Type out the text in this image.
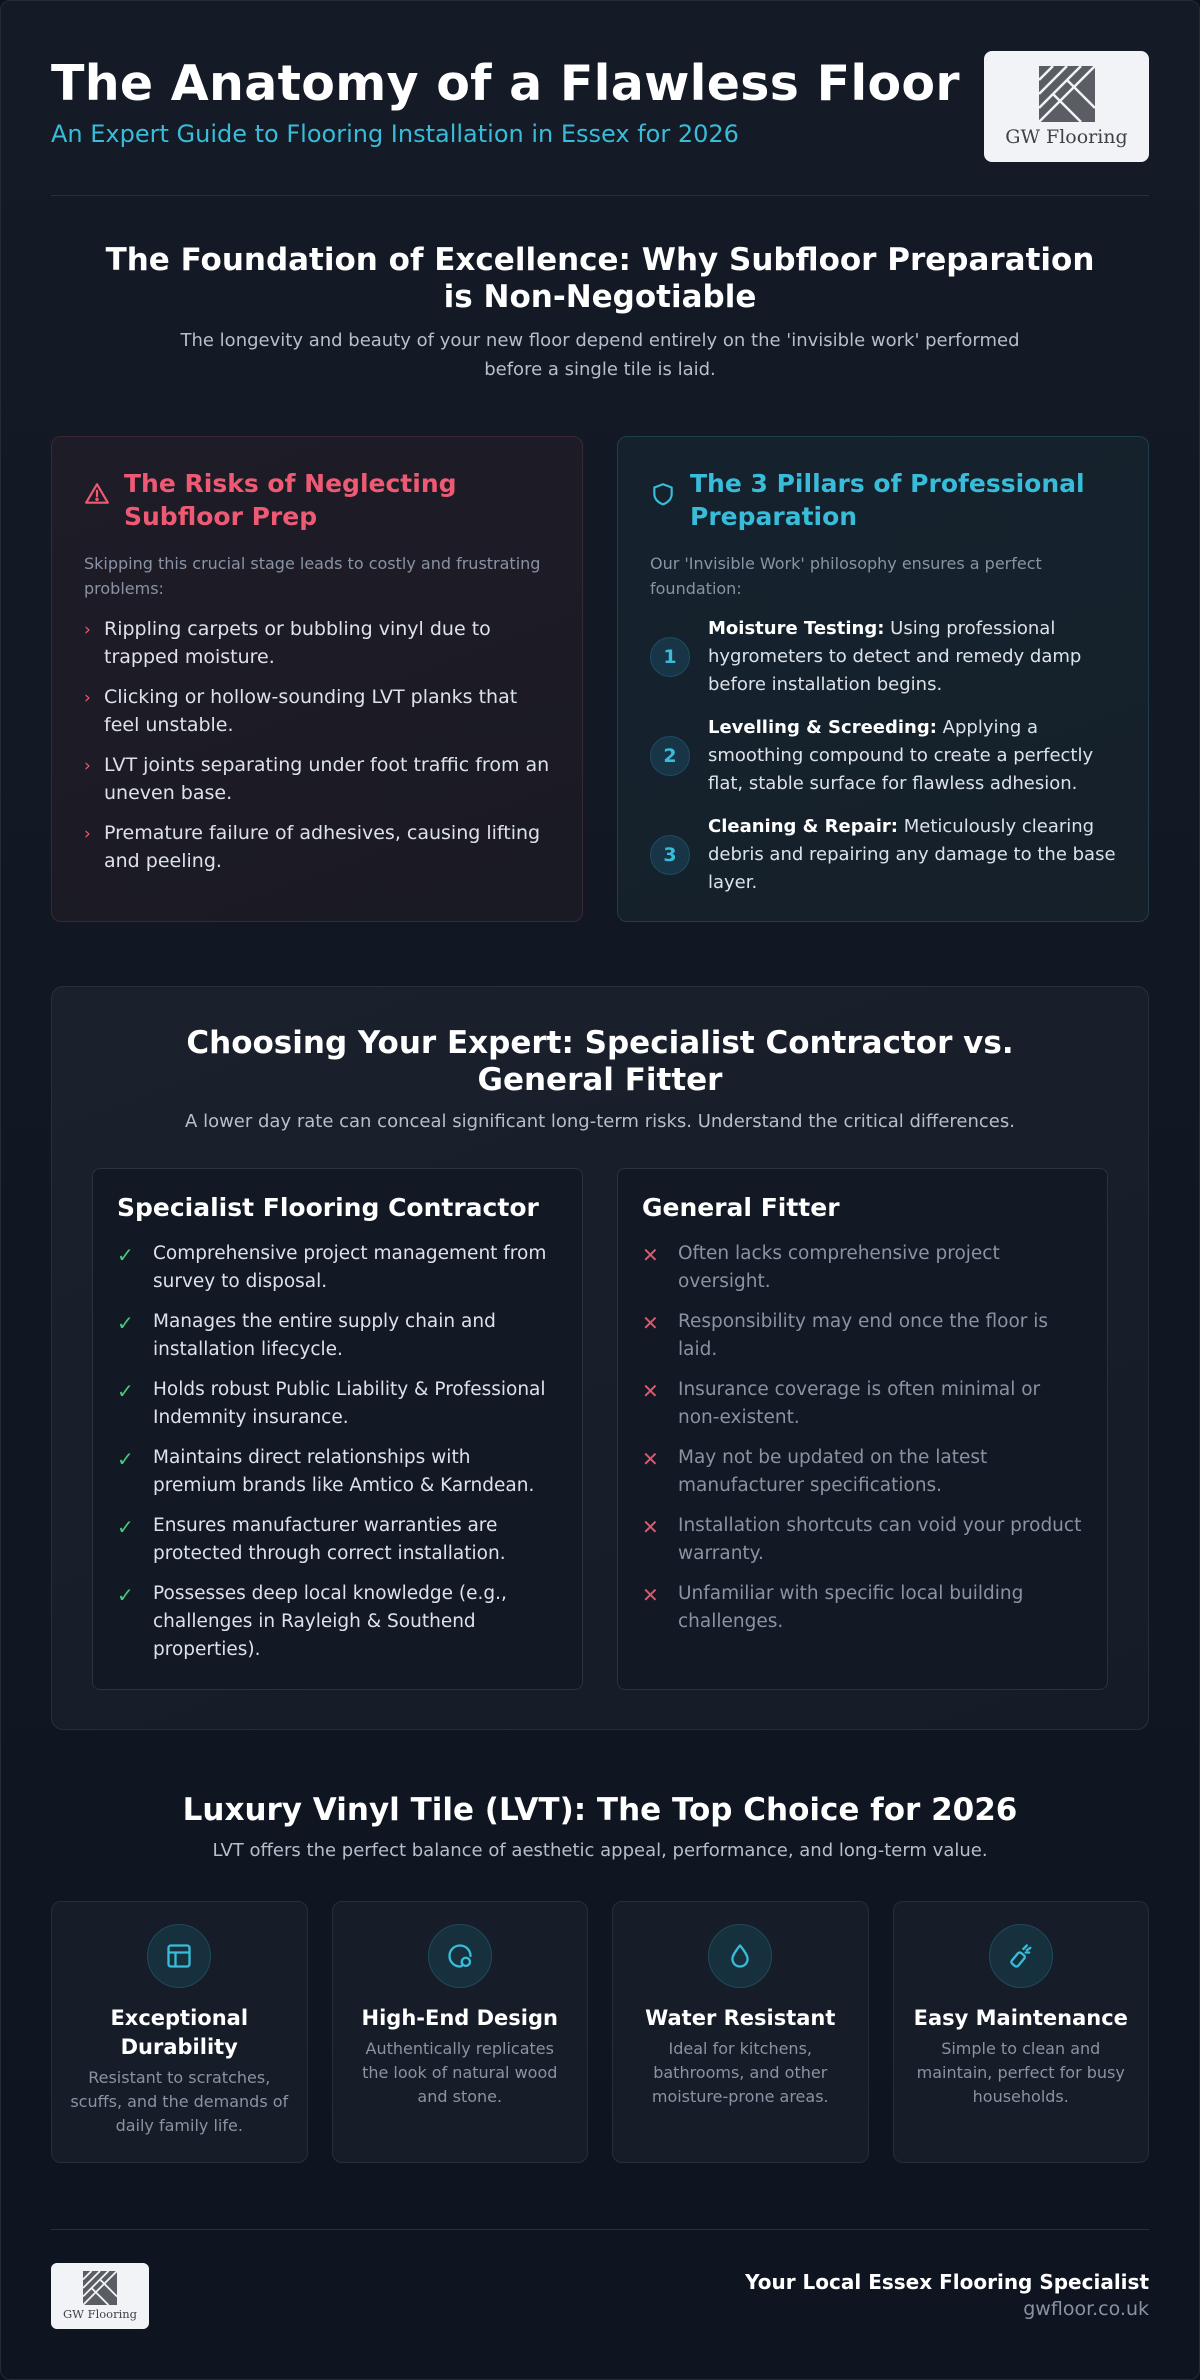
The Anatomy of a Flawless Floor
An Expert Guide to Flooring Installation in Essex for 2026	GW Flooring
The Foundation of Excellence: Why Subfloor Preparation is Non-Negotiable

The longevity and beauty of your new floor depend entirely on the 'invisible work' performed before a single tile is laid.

The Risks of Neglecting Subfloor Prep

Skipping this crucial stage leads to costly and frustrating problems:

› Rippling carpets or bubbling vinyl due to trapped moisture.
› Clicking or hollow-sounding LVT planks that feel unstable.
› LVT joints separating under foot traffic from an uneven base.
› Premature failure of adhesives, causing lifting and peeling.
The 3 Pillars of Professional Preparation

Our 'Invisible Work' philosophy ensures a perfect foundation:

1
Moisture Testing: Using professional hygrometers to detect and remedy damp before installation begins.
2
Levelling & Screeding: Applying a smoothing compound to create a perfectly flat, stable surface for flawless adhesion.
3
Cleaning & Repair: Meticulously clearing debris and repairing any damage to the base layer.
Choosing Your Expert: Specialist Contractor vs. General Fitter

A lower day rate can conceal significant long-term risks. Understand the critical differences.

Specialist Flooring Contractor
✓	Comprehensive project management from survey to disposal.
✓	Manages the entire supply chain and installation lifecycle.
✓	Holds robust Public Liability & Professional Indemnity insurance.
✓	Maintains direct relationships with premium brands like Amtico & Karndean.
✓	Ensures manufacturer warranties are protected through correct installation.
✓	Possesses deep local knowledge (e.g., challenges in Rayleigh & Southend properties).
General Fitter
✕	Often lacks comprehensive project oversight.
✕	Responsibility may end once the floor is laid.
✕	Insurance coverage is often minimal or non-existent.
✕	May not be updated on the latest manufacturer specifications.
✕	Installation shortcuts can void your product warranty.
✕	Unfamiliar with specific local building challenges.
Luxury Vinyl Tile (LVT): The Top Choice for 2026

LVT offers the perfect balance of aesthetic appeal, performance, and long-term value.

Exceptional Durability
Resistant to scratches, scuffs, and the demands of daily family life.
High-End Design
Authentically replicates the look of natural wood and stone.
Water Resistant
Ideal for kitchens, bathrooms, and other moisture-prone areas.
Easy Maintenance
Simple to clean and maintain, perfect for busy households.
GW Flooring
Your Local Essex Flooring Specialist
gwfloor.co.uk
